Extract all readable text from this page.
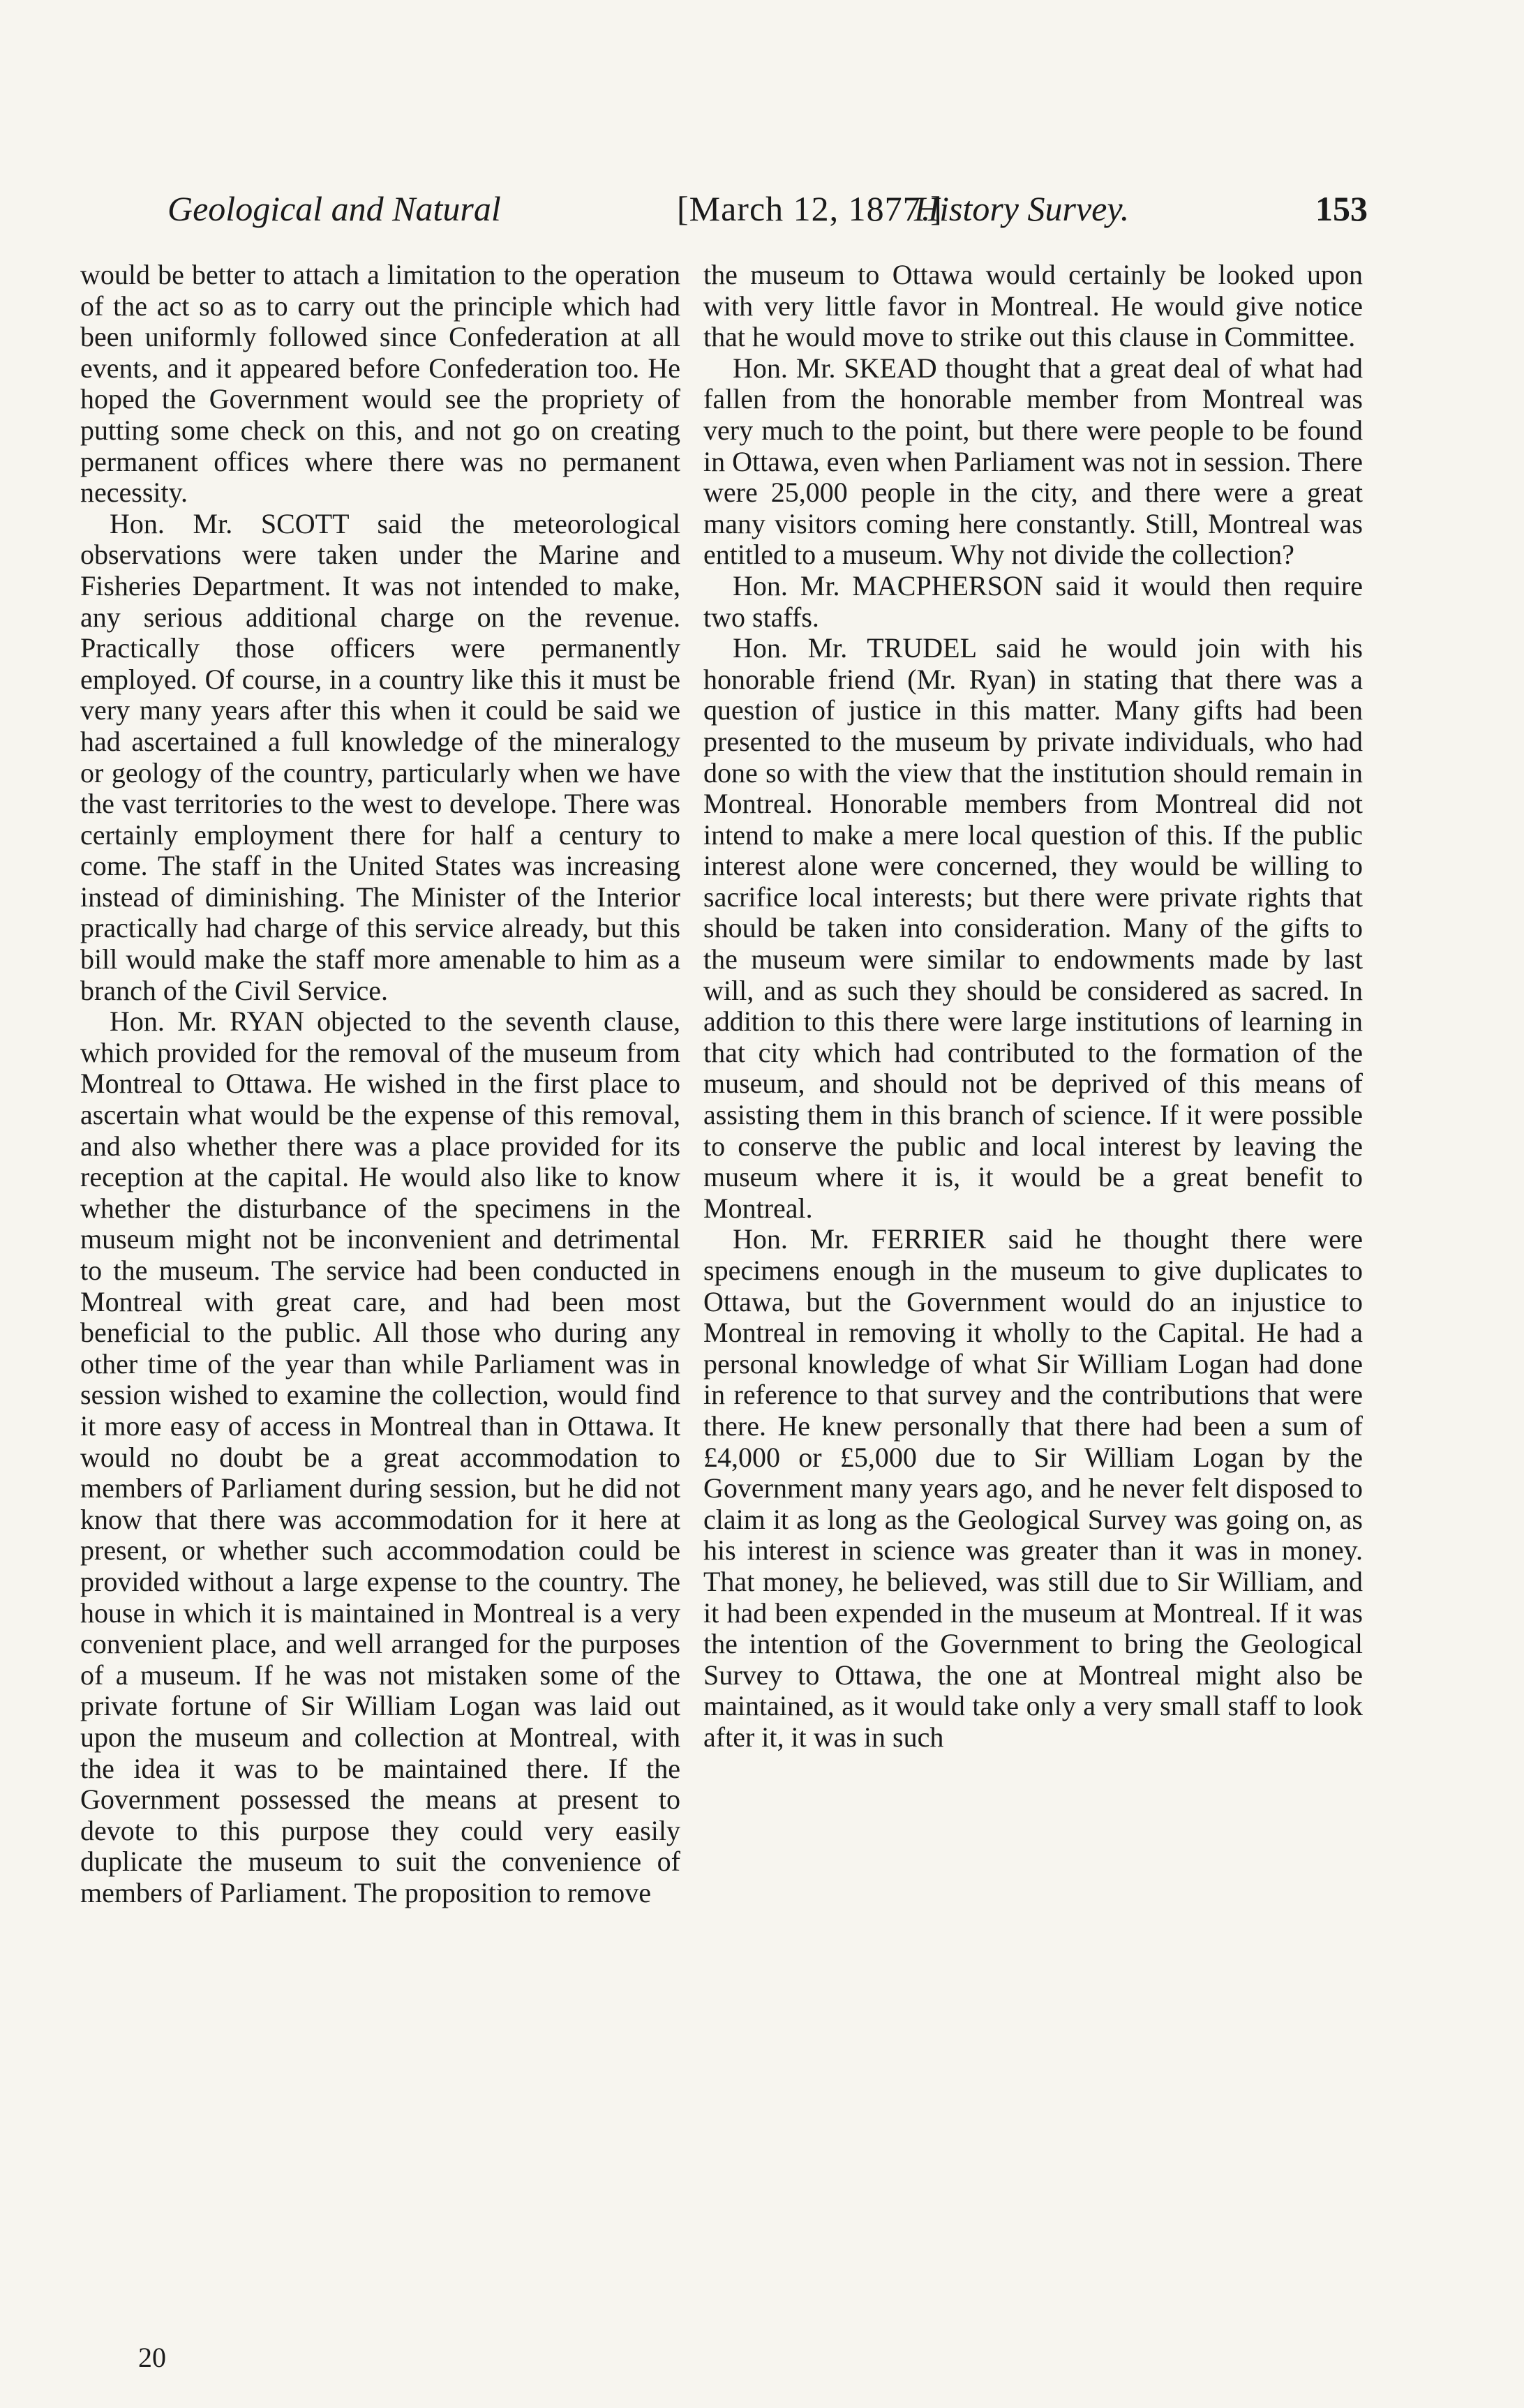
Geological and Natural	[March 12, 1877.]
History Survey.	153

would be better to attach a limitation to the operation of the act so as to carry out the principle which had been uniformly followed since Confederation at all events, and it appeared before Confederation too. He hoped the Government would see the propriety of putting some check on this, and not go on creating permanent offices where there was no permanent necessity.

Hon. Mr. SCOTT said the meteorological observations were taken under the Marine and Fisheries Department. It was not intended to make, any serious additional charge on the revenue. Practically those officers were permanently employed. Of course, in a country like this it must be very many years after this when it could be said we had ascertained a full knowledge of the mineralogy or geology of the country, particularly when we have the vast territories to the west to develope. There was certainly employment there for half a century to come. The staff in the United States was increasing instead of diminishing. The Minister of the Interior practically had charge of this service already, but this bill would make the staff more amenable to him as a branch of the Civil Service.

Hon. Mr. RYAN objected to the seventh clause, which provided for the removal of the museum from Montreal to Ottawa. He wished in the first place to ascertain what would be the expense of this removal, and also whether there was a place provided for its reception at the capital. He would also like to know whether the disturbance of the specimens in the museum might not be inconvenient and detrimental to the museum. The service had been conducted in Montreal with great care, and had been most beneficial to the public. All those who during any other time of the year than while Parliament was in session wished to examine the collection, would find it more easy of access in Montreal than in Ottawa. It would no doubt be a great accommodation to members of Parliament during session, but he did not know that there was accommodation for it here at present, or whether such accommodation could be provided without a large expense to the country. The house in which it is maintained in Montreal is a very convenient place, and well arranged for the purposes of a museum. If he was not mistaken some of the private fortune of Sir William Logan was laid out upon the museum and collection at Montreal, with the idea it was to be maintained there. If the Government possessed the means at present to devote to this purpose they could very easily duplicate the museum to suit the convenience of members of Parliament. The proposition to remove

the museum to Ottawa would certainly be looked upon with very little favor in Montreal. He would give notice that he would move to strike out this clause in Committee.

Hon. Mr. SKEAD thought that a great deal of what had fallen from the honorable member from Montreal was very much to the point, but there were people to be found in Ottawa, even when Parliament was not in session. There were 25,000 people in the city, and there were a great many visitors coming here constantly. Still, Montreal was entitled to a museum. Why not divide the collection?

Hon. Mr. MACPHERSON said it would then require two staffs.

Hon. Mr. TRUDEL said he would join with his honorable friend (Mr. Ryan) in stating that there was a question of justice in this matter. Many gifts had been presented to the museum by private individuals, who had done so with the view that the institution should remain in Montreal. Honorable members from Montreal did not intend to make a mere local question of this. If the public interest alone were concerned, they would be willing to sacrifice local interests; but there were private rights that should be taken into consideration. Many of the gifts to the museum were similar to endowments made by last will, and as such they should be considered as sacred. In addition to this there were large institutions of learning in that city which had contributed to the formation of the museum, and should not be deprived of this means of assisting them in this branch of science. If it were possible to conserve the public and local interest by leaving the museum where it is, it would be a great benefit to Montreal.

Hon. Mr. FERRIER said he thought there were specimens enough in the museum to give duplicates to Ottawa, but the Government would do an injustice to Montreal in removing it wholly to the Capital. He had a personal knowledge of what Sir William Logan had done in reference to that survey and the contributions that were there. He knew personally that there had been a sum of £4,000 or £5,000 due to Sir William Logan by the Government many years ago, and he never felt disposed to claim it as long as the Geological Survey was going on, as his interest in science was greater than it was in money. That money, he believed, was still due to Sir William, and it had been expended in the museum at Montreal. If it was the intention of the Government to bring the Geological Survey to Ottawa, the one at Montreal might also be maintained, as it would take only a very small staff to look after it, it was in such

20
